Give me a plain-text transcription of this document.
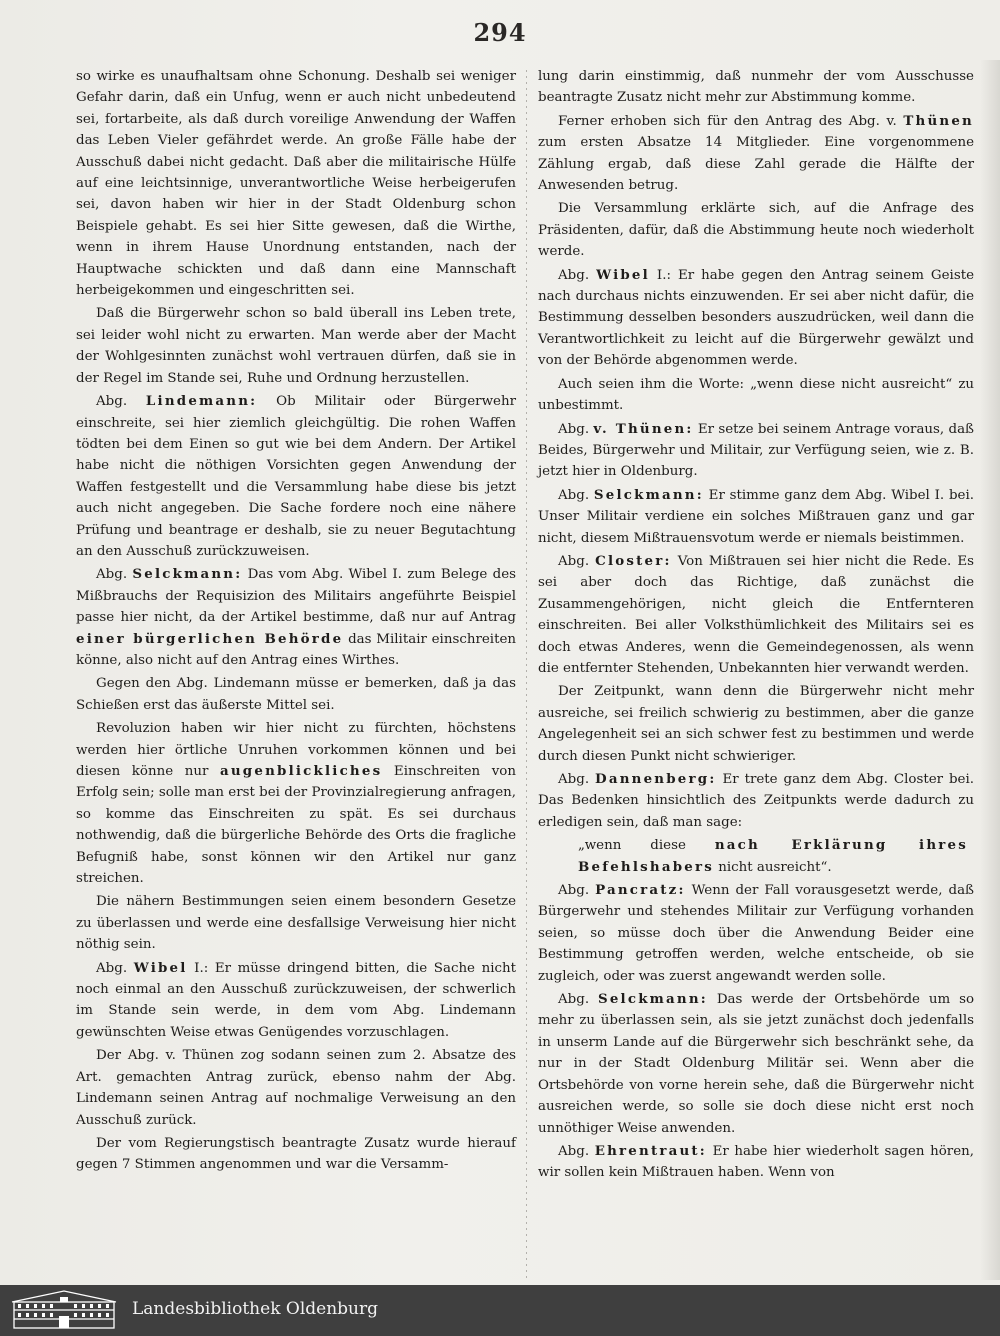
294

so wirke es unaufhaltsam ohne Schonung. Deshalb sei weniger Gefahr darin, daß ein Unfug, wenn er auch nicht unbedeutend sei, fortarbeite, als daß durch voreilige Anwendung der Waffen das Leben Vieler gefährdet werde. An große Fälle habe der Ausschuß dabei nicht gedacht. Daß aber die militairische Hülfe auf eine leichtsinnige, unverantwortliche Weise herbeigerufen sei, davon haben wir hier in der Stadt Oldenburg schon Beispiele gehabt. Es sei hier Sitte gewesen, daß die Wirthe, wenn in ihrem Hause Unordnung entstanden, nach der Hauptwache schickten und daß dann eine Mannschaft herbeigekommen und eingeschritten sei.

Daß die Bürgerwehr schon so bald überall ins Leben trete, sei leider wohl nicht zu erwarten. Man werde aber der Macht der Wohlgesinnten zunächst wohl vertrauen dürfen, daß sie in der Regel im Stande sei, Ruhe und Ordnung herzustellen.

Abg. Lindemann: Ob Militair oder Bürgerwehr einschreite, sei hier ziemlich gleichgültig. Die rohen Waffen tödten bei dem Einen so gut wie bei dem Andern. Der Artikel habe nicht die nöthigen Vorsichten gegen Anwendung der Waffen festgestellt und die Versammlung habe diese bis jetzt auch nicht angegeben. Die Sache fordere noch eine nähere Prüfung und beantrage er deshalb, sie zu neuer Begutachtung an den Ausschuß zurückzuweisen.

Abg. Selckmann: Das vom Abg. Wibel I. zum Belege des Mißbrauchs der Requisizion des Militairs angeführte Beispiel passe hier nicht, da der Artikel bestimme, daß nur auf Antrag einer bürgerlichen Behörde das Militair einschreiten könne, also nicht auf den Antrag eines Wirthes.

Gegen den Abg. Lindemann müsse er bemerken, daß ja das Schießen erst das äußerste Mittel sei.

Revoluzion haben wir hier nicht zu fürchten, höchstens werden hier örtliche Unruhen vorkommen können und bei diesen könne nur augenblickliches Einschreiten von Erfolg sein; solle man erst bei der Provinzialregierung anfragen, so komme das Einschreiten zu spät. Es sei durchaus nothwendig, daß die bürgerliche Behörde des Orts die fragliche Befugniß habe, sonst können wir den Artikel nur ganz streichen.

Die nähern Bestimmungen seien einem besondern Gesetze zu überlassen und werde eine desfallsige Verweisung hier nicht nöthig sein.

Abg. Wibel I.: Er müsse dringend bitten, die Sache nicht noch einmal an den Ausschuß zurückzuweisen, der schwerlich im Stande sein werde, in dem vom Abg. Lindemann gewünschten Weise etwas Genügendes vorzuschlagen.

Der Abg. v. Thünen zog sodann seinen zum 2. Absatze des Art. gemachten Antrag zurück, ebenso nahm der Abg. Lindemann seinen Antrag auf nochmalige Verweisung an den Ausschuß zurück.

Der vom Regierungstisch beantragte Zusatz wurde hierauf gegen 7 Stimmen angenommen und war die Versamm-

lung darin einstimmig, daß nunmehr der vom Ausschusse beantragte Zusatz nicht mehr zur Abstimmung komme.

Ferner erhoben sich für den Antrag des Abg. v. Thünen zum ersten Absatze 14 Mitglieder. Eine vorgenommene Zählung ergab, daß diese Zahl gerade die Hälfte der Anwesenden betrug.

Die Versammlung erklärte sich, auf die Anfrage des Präsidenten, dafür, daß die Abstimmung heute noch wiederholt werde.

Abg. Wibel I.: Er habe gegen den Antrag seinem Geiste nach durchaus nichts einzuwenden. Er sei aber nicht dafür, die Bestimmung desselben besonders auszudrücken, weil dann die Verantwortlichkeit zu leicht auf die Bürgerwehr gewälzt und von der Behörde abgenommen werde.

Auch seien ihm die Worte: „wenn diese nicht ausreicht“ zu unbestimmt.

Abg. v. Thünen: Er setze bei seinem Antrage voraus, daß Beides, Bürgerwehr und Militair, zur Verfügung seien, wie z. B. jetzt hier in Oldenburg.

Abg. Selckmann: Er stimme ganz dem Abg. Wibel I. bei. Unser Militair verdiene ein solches Mißtrauen ganz und gar nicht, diesem Mißtrauensvotum werde er niemals beistimmen.

Abg. Closter: Von Mißtrauen sei hier nicht die Rede. Es sei aber doch das Richtige, daß zunächst die Zusammengehörigen, nicht gleich die Entfernteren einschreiten. Bei aller Volksthümlichkeit des Militairs sei es doch etwas Anderes, wenn die Gemeindegenossen, als wenn die entfernter Stehenden, Unbekannten hier verwandt werden.

Der Zeitpunkt, wann denn die Bürgerwehr nicht mehr ausreiche, sei freilich schwierig zu bestimmen, aber die ganze Angelegenheit sei an sich schwer fest zu bestimmen und werde durch diesen Punkt nicht schwieriger.

Abg. Dannenberg: Er trete ganz dem Abg. Closter bei. Das Bedenken hinsichtlich des Zeitpunkts werde dadurch zu erledigen sein, daß man sage:

„wenn diese nach Erklärung ihres Befehlshabers nicht ausreicht“.

Abg. Pancratz: Wenn der Fall vorausgesetzt werde, daß Bürgerwehr und stehendes Militair zur Verfügung vorhanden seien, so müsse doch über die Anwendung Beider eine Bestimmung getroffen werden, welche entscheide, ob sie zugleich, oder was zuerst angewandt werden solle.

Abg. Selckmann: Das werde der Ortsbehörde um so mehr zu überlassen sein, als sie jetzt zunächst doch jedenfalls in unserm Lande auf die Bürgerwehr sich beschränkt sehe, da nur in der Stadt Oldenburg Militär sei. Wenn aber die Ortsbehörde von vorne herein sehe, daß die Bürgerwehr nicht ausreichen werde, so solle sie doch diese nicht erst noch unnöthiger Weise anwenden.

Abg. Ehrentraut: Er habe hier wiederholt sagen hören, wir sollen kein Mißtrauen haben. Wenn von

Landesbibliothek Oldenburg
